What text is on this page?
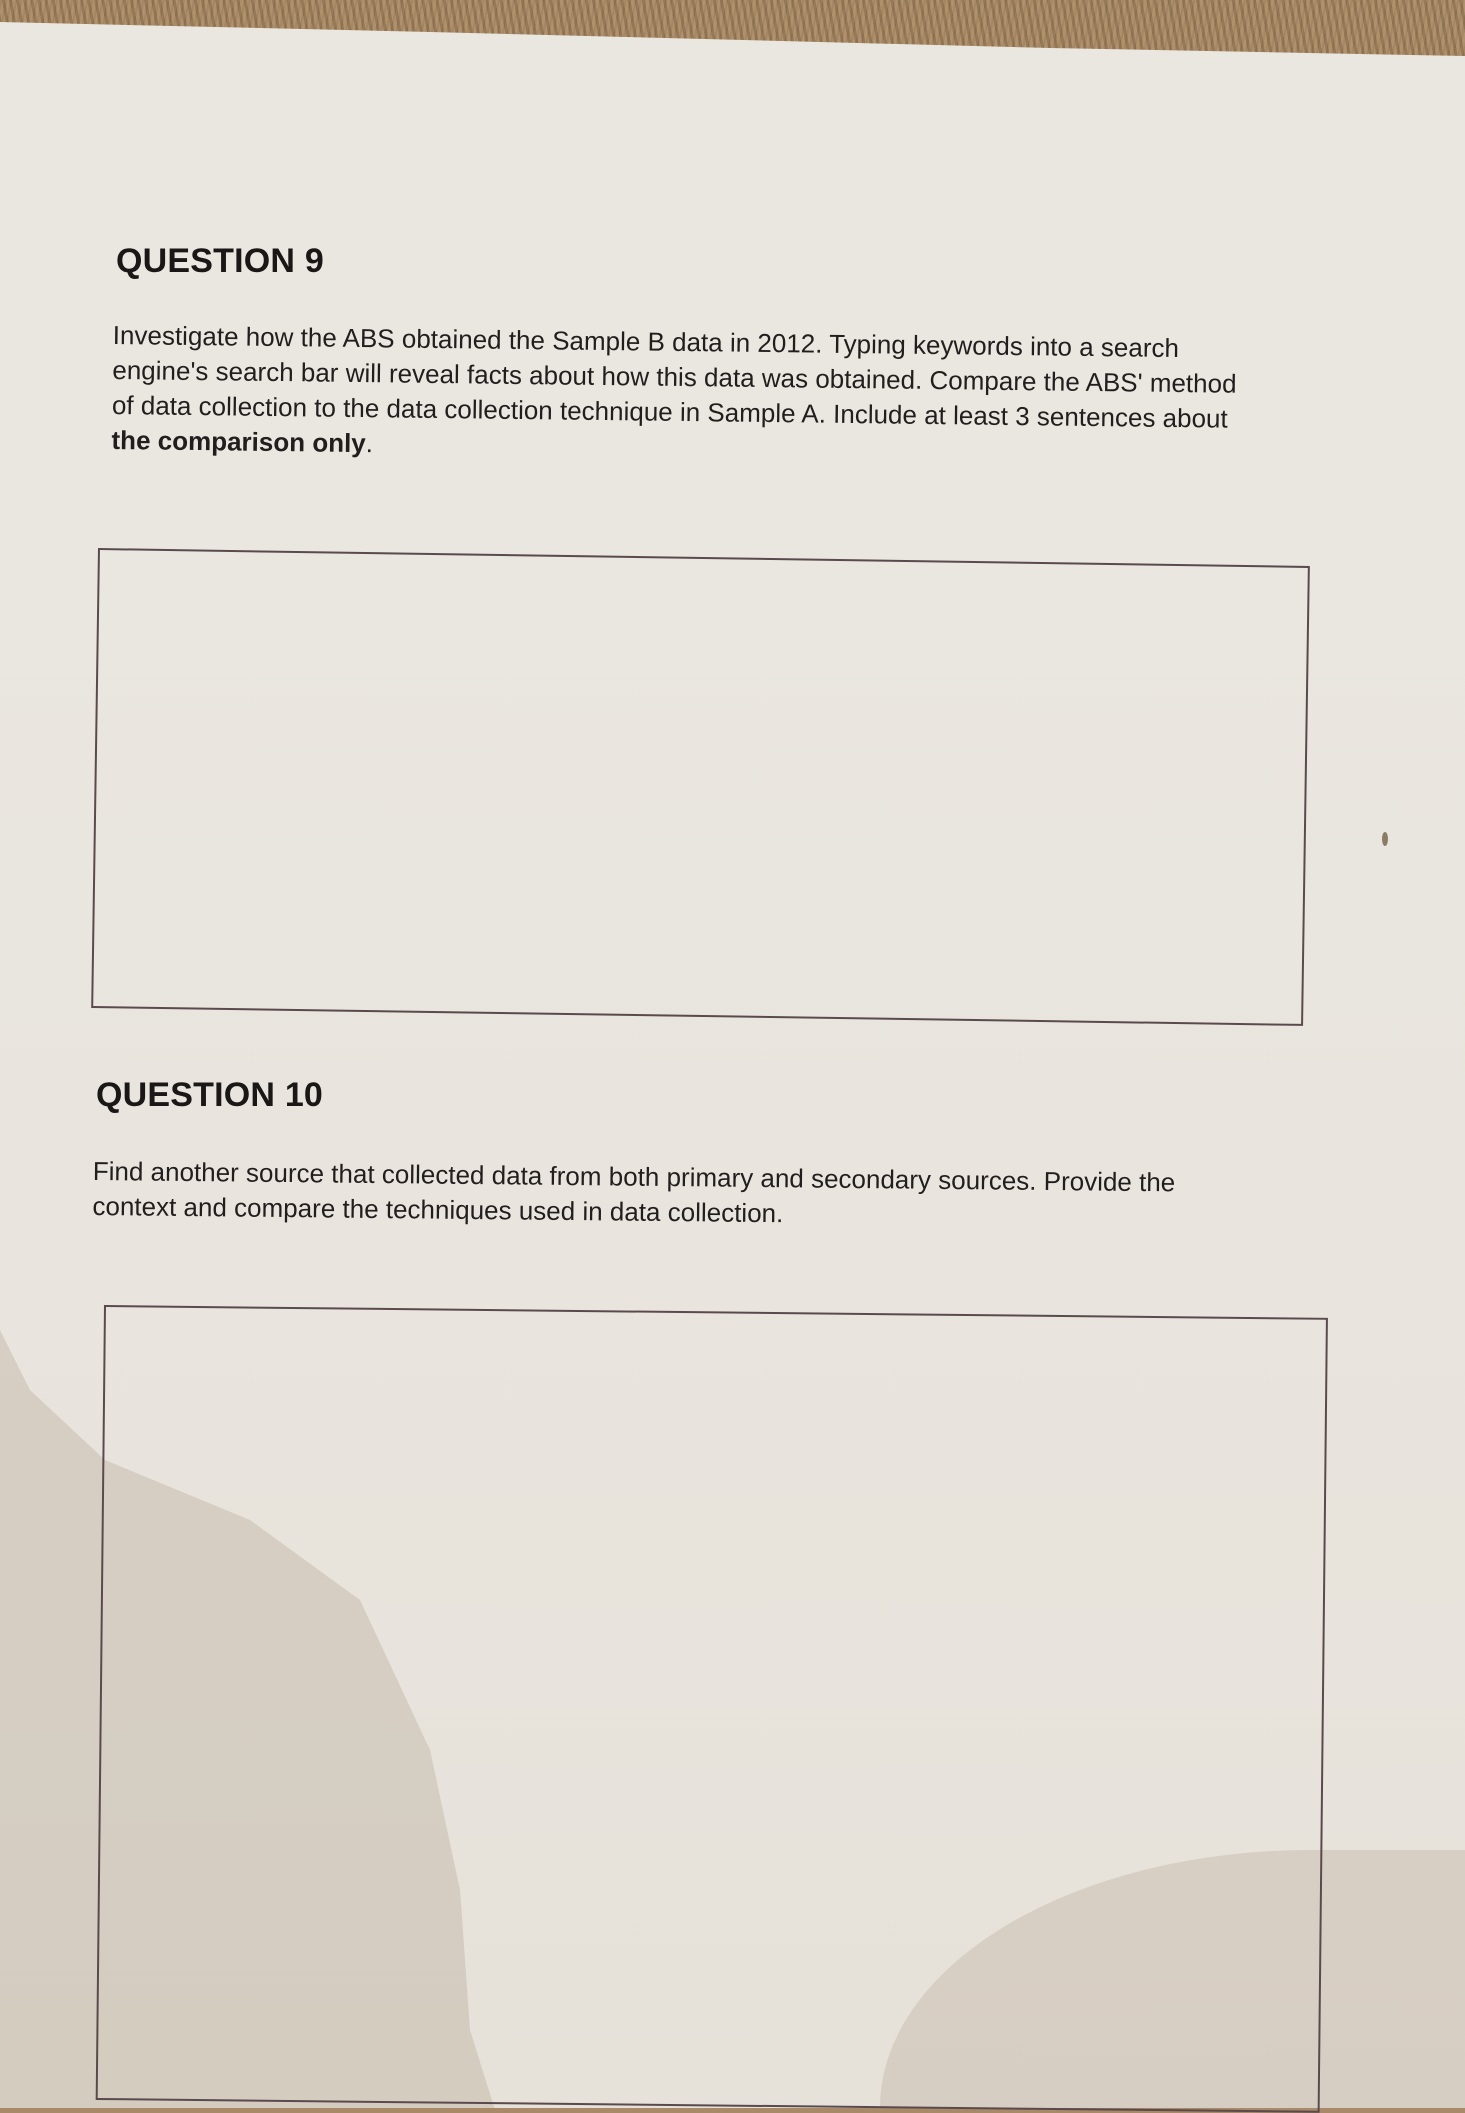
QUESTION 9
Investigate how the ABS obtained the Sample B data in 2012. Typing keywords into a search
engine's search bar will reveal facts about how this data was obtained. Compare the ABS' method
of data collection to the data collection technique in Sample A. Include at least 3 sentences about
the comparison only.
QUESTION 10
Find another source that collected data from both primary and secondary sources. Provide the
context and compare the techniques used in data collection.
